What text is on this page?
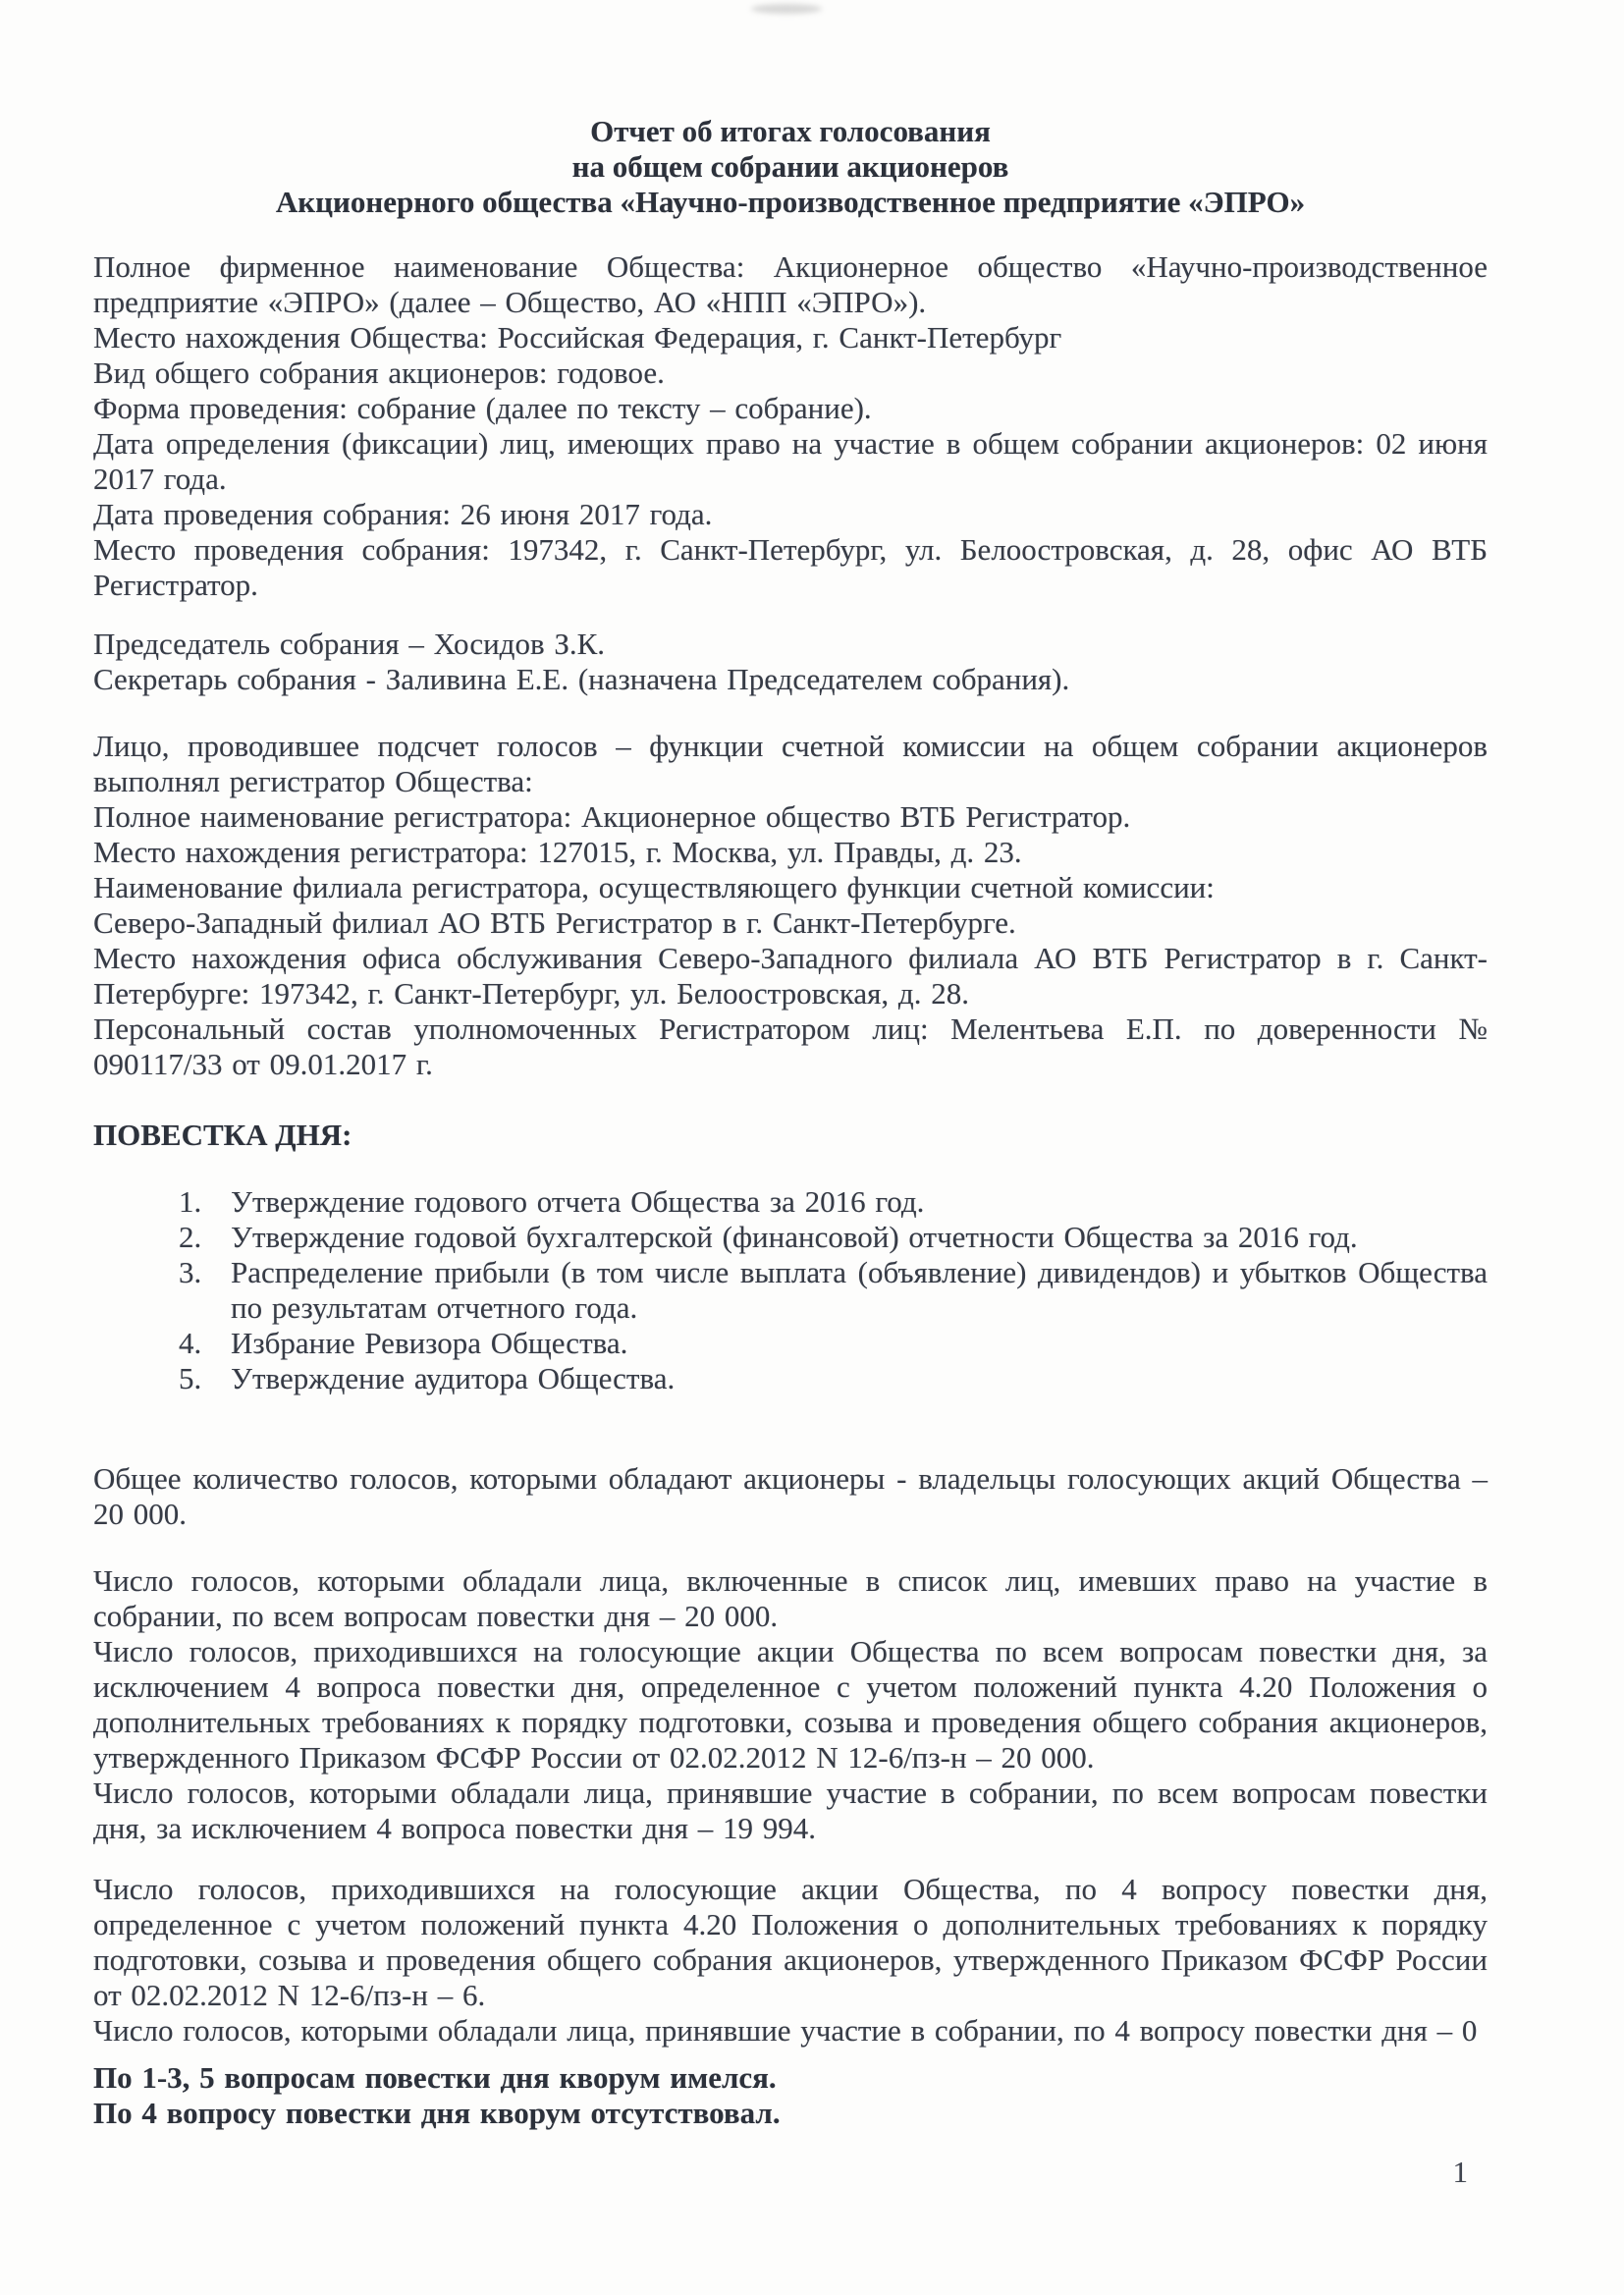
Отчет об итогах голосования
на общем собрании акционеров
Акционерного общества «Научно-производственное предприятие «ЭПРО»

Полное фирменное наименование Общества: Акционерное общество «Научно-производственное предприятие «ЭПРО» (далее – Общество, АО «НПП «ЭПРО»).

Место нахождения Общества: Российская Федерация, г. Санкт-Петербург

Вид общего собрания акционеров: годовое.

Форма проведения: собрание (далее по тексту – собрание).

Дата определения (фиксации) лиц, имеющих право на участие в общем собрании акционеров: 02 июня 2017 года.

Дата проведения собрания: 26 июня 2017 года.

Место проведения собрания: 197342, г. Санкт-Петербург, ул. Белоостровская, д. 28, офис АО ВТБ Регистратор.

Председатель собрания – Хосидов З.К.

Секретарь собрания - Заливина Е.Е. (назначена Председателем собрания).

Лицо, проводившее подсчет голосов – функции счетной комиссии на общем собрании акционеров выполнял регистратор Общества:

Полное наименование регистратора: Акционерное общество ВТБ Регистратор.

Место нахождения регистратора: 127015, г. Москва, ул. Правды, д. 23.

Наименование филиала регистратора, осуществляющего функции счетной комиссии:

Северо-Западный филиал АО ВТБ Регистратор в г. Санкт-Петербурге.

Место нахождения офиса обслуживания Северо-Западного филиала АО ВТБ Регистратор в г. Санкт-Петербурге: 197342, г. Санкт-Петербург, ул. Белоостровская, д. 28.

Персональный состав уполномоченных Регистратором лиц: Мелентьева Е.П. по доверенности № 090117/33 от 09.01.2017 г.

ПОВЕСТКА ДНЯ:
1. Утверждение годового отчета Общества за 2016 год.
2. Утверждение годовой бухгалтерской (финансовой) отчетности Общества за 2016 год.
3. Распределение прибыли (в том числе выплата (объявление) дивидендов) и убытков Общества по результатам отчетного года.
4. Избрание Ревизора Общества.
5. Утверждение аудитора Общества.

Общее количество голосов, которыми обладают акционеры - владельцы голосующих акций Общества – 20 000.

Число голосов, которыми обладали лица, включенные в список лиц, имевших право на участие в собрании, по всем вопросам повестки дня – 20 000.

Число голосов, приходившихся на голосующие акции Общества по всем вопросам повестки дня, за исключением 4 вопроса повестки дня, определенное с учетом положений пункта 4.20 Положения о дополнительных требованиях к порядку подготовки, созыва и проведения общего собрания акционеров, утвержденного Приказом ФСФР России от 02.02.2012 N 12-6/пз-н – 20 000.

Число голосов, которыми обладали лица, принявшие участие в собрании, по всем вопросам повестки дня, за исключением 4 вопроса повестки дня – 19 994.

Число голосов, приходившихся на голосующие акции Общества, по 4 вопросу повестки дня, определенное с учетом положений пункта 4.20 Положения о дополнительных требованиях к порядку подготовки, созыва и проведения общего собрания акционеров, утвержденного Приказом ФСФР России от 02.02.2012 N 12-6/пз-н – 6.

Число голосов, которыми обладали лица, принявшие участие в собрании, по 4 вопросу повестки дня – 0

По 1-3, 5 вопросам повестки дня кворум имелся.

По 4 вопросу повестки дня кворум отсутствовал.

1
